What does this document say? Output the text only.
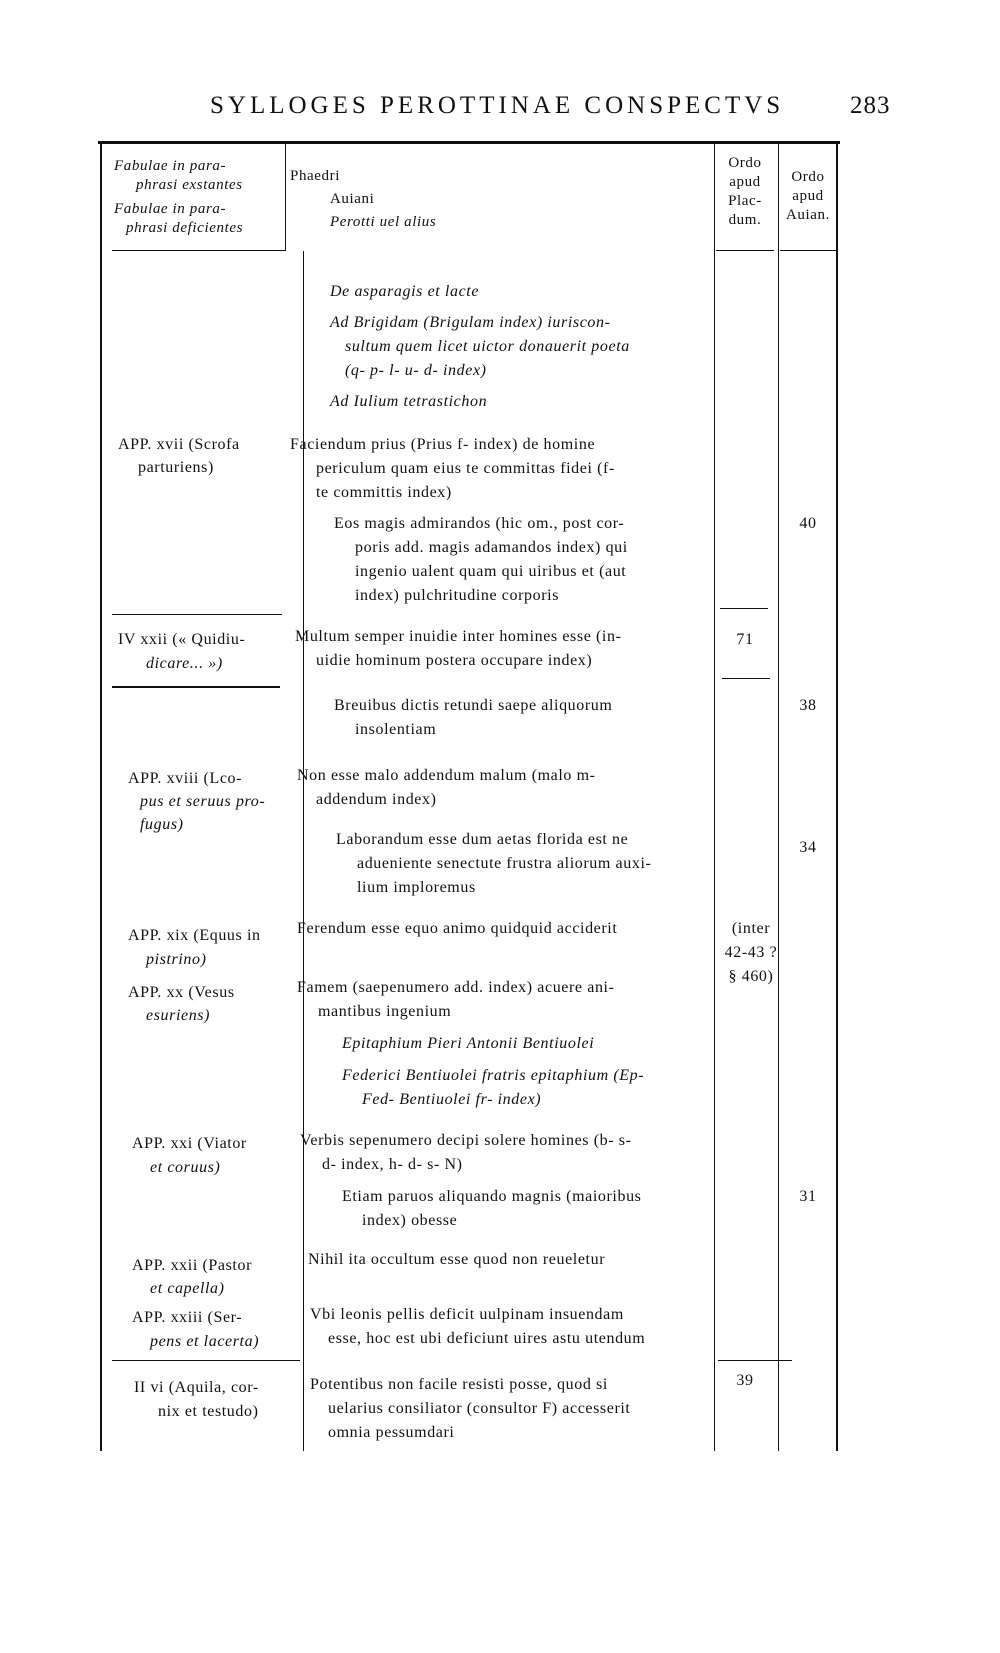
SYLLOGES PEROTTINAE CONSPECTVS	283
Fabulae in para-
phrasi exstantes
Fabulae in para-
phrasi deficientes
Phaedri
Auiani
Perotti uel alius
Ordo
apud
Plac-
dum.
Ordo
apud
Auian.
De asparagis et lacte
Ad Brigidam (Brigulam index) iuriscon-
sultum quem licet uictor donauerit poeta
(q- p- l- u- d- index)
Ad Iulium tetrastichon
APP. xvii (Scrofa
parturiens)
Faciendum prius (Prius f- index) de homine
periculum quam eius te committas fidei (f-
te committis index)
Eos magis admirandos (hic om., post cor-
poris add. magis adamandos index) qui
ingenio ualent quam qui uiribus et (aut
index) pulchritudine corporis
40
IV xxii (« Quidiu-
dicare... »)
Multum semper inuidie inter homines esse (in-
uidie hominum postera occupare index)
71
Breuibus dictis retundi saepe aliquorum
insolentiam
38
APP. xviii (Lco-
pus et seruus pro-
fugus)
Non esse malo addendum malum (malo m-
addendum index)
Laborandum esse dum aetas florida est ne
adueniente senectute frustra aliorum auxi-
lium imploremus
34
APP. xix (Equus in
pistrino)
Ferendum esse equo animo quidquid acciderit	(inter
42-43 ?
§ 460)
APP. xx (Vesus
esuriens)
Famem (saepenumero add. index) acuere ani-
mantibus ingenium
Epitaphium Pieri Antonii Bentiuolei
Federici Bentiuolei fratris epitaphium (Ep-
Fed- Bentiuolei fr- index)
APP. xxi (Viator
et coruus)
Verbis sepenumero decipi solere homines (b- s-
d- index, h- d- s- N)
Etiam paruos aliquando magnis (maioribus
index) obesse
31
APP. xxii (Pastor
et capella)
Nihil ita occultum esse quod non reueletur
APP. xxiii (Ser-
pens et lacerta)
Vbi leonis pellis deficit uulpinam insuendam
esse, hoc est ubi deficiunt uires astu utendum
II vi (Aquila, cor-
nix et testudo)
Potentibus non facile resisti posse, quod si
uelarius consiliator (consultor F) accesserit
omnia pessumdari
39
